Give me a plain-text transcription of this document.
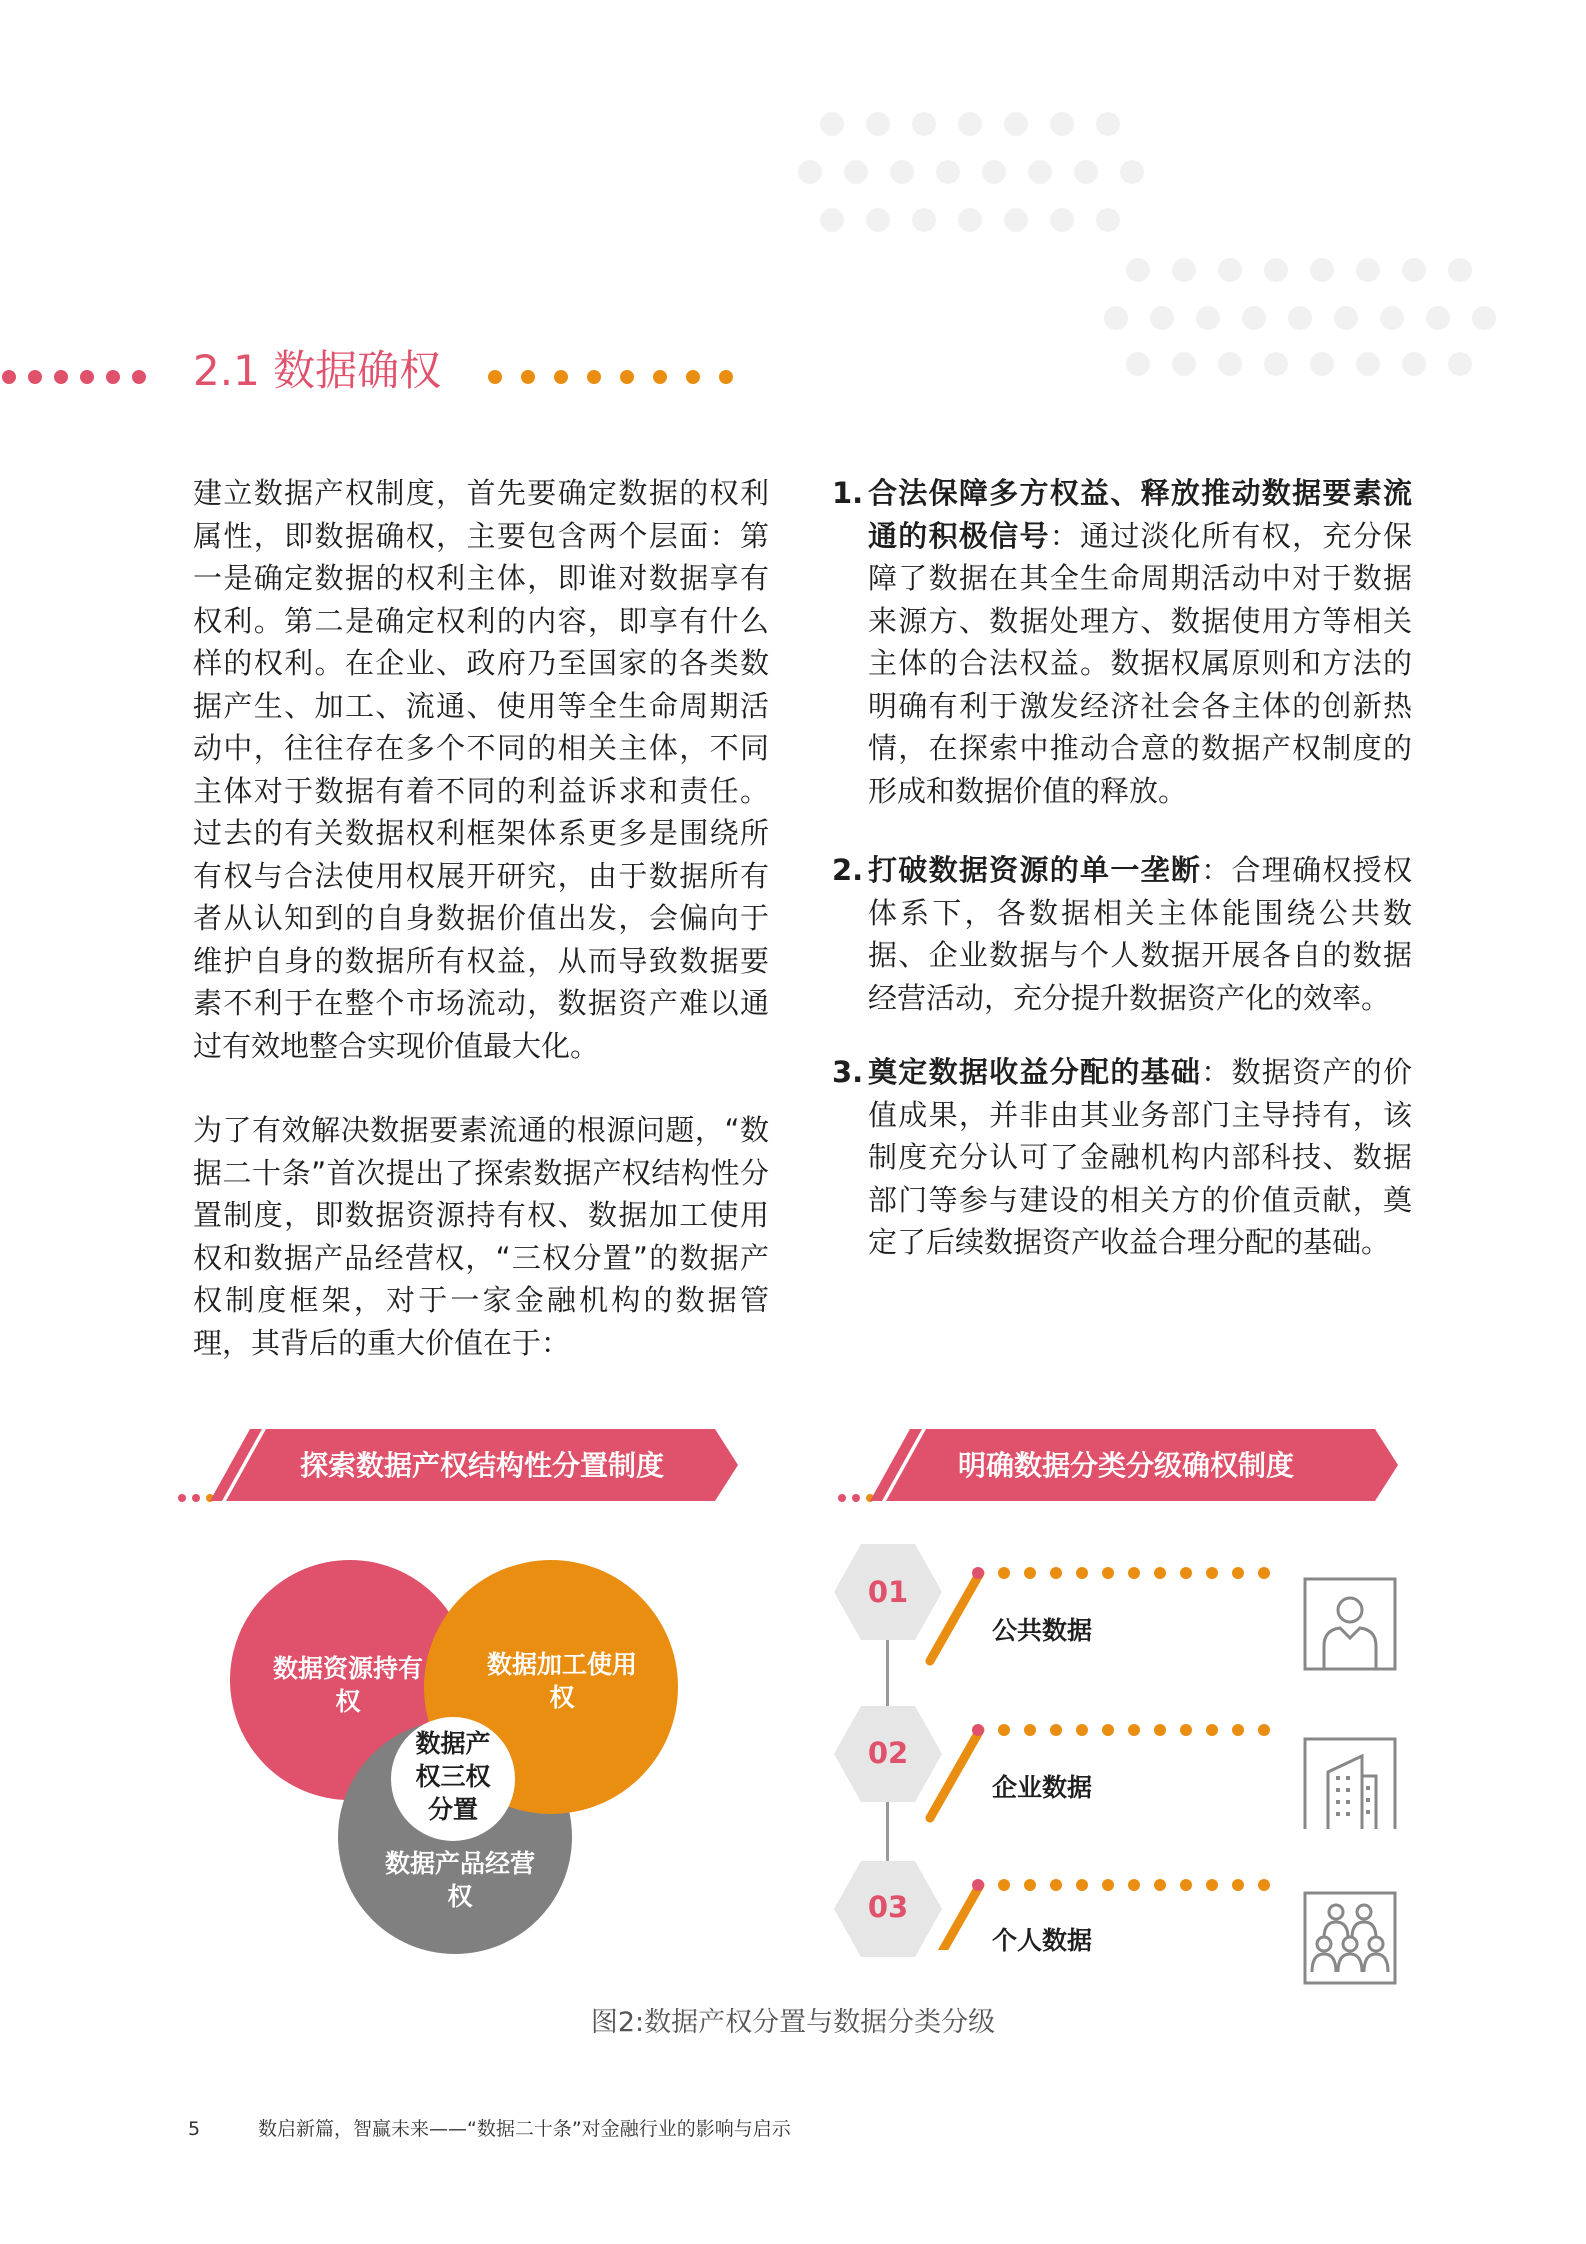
2.1 数据确权

建立数据产权制度，首先要确定数据的权利属性，即数据确权，主要包含两个层面：第一是确定数据的权利主体，即谁对数据享有权利。第二是确定权利的内容，即享有什么样的权利。在企业、政府乃至国家的各类数据产生、加工、流通、使用等全生命周期活动中，往往存在多个不同的相关主体，不同主体对于数据有着不同的利益诉求和责任。过去的有关数据权利框架体系更多是围绕所有权与合法使用权展开研究，由于数据所有者从认知到的自身数据价值出发，会偏向于维护自身的数据所有权益，从而导致数据要素不利于在整个市场流动，数据资产难以通过有效地整合实现价值最大化。

为了有效解决数据要素流通的根源问题，“数据二十条”首次提出了探索数据产权结构性分置制度，即数据资源持有权、数据加工使用权和数据产品经营权，“三权分置”的数据产权制度框架，对于一家金融机构的数据管理，其背后的重大价值在于：

1. 合法保障多方权益、释放推动数据要素流通的积极信号：通过淡化所有权，充分保障了数据在其全生命周期活动中对于数据来源方、数据处理方、数据使用方等相关主体的合法权益。数据权属原则和方法的明确有利于激发经济社会各主体的创新热情，在探索中推动合意的数据产权制度的形成和数据价值的释放。
2. 打破数据资源的单一垄断：合理确权授权体系下，各数据相关主体能围绕公共数据、企业数据与个人数据开展各自的数据经营活动，充分提升数据资产化的效率。
3. 奠定数据收益分配的基础：数据资产的价值成果，并非由其业务部门主导持有，该制度充分认可了金融机构内部科技、数据部门等参与建设的相关方的价值贡献，奠定了后续数据资产收益合理分配的基础。
探索数据产权结构性分置制度	明确数据分类分级确权制度
数据资源持有权
数据加工使用权
数据产品经营权
数据产权三权分置
01
02
03
公共数据
企业数据
个人数据
图2:数据产权分置与数据分类分级
5	数启新篇，智赢未来——“数据二十条”对金融行业的影响与启示
